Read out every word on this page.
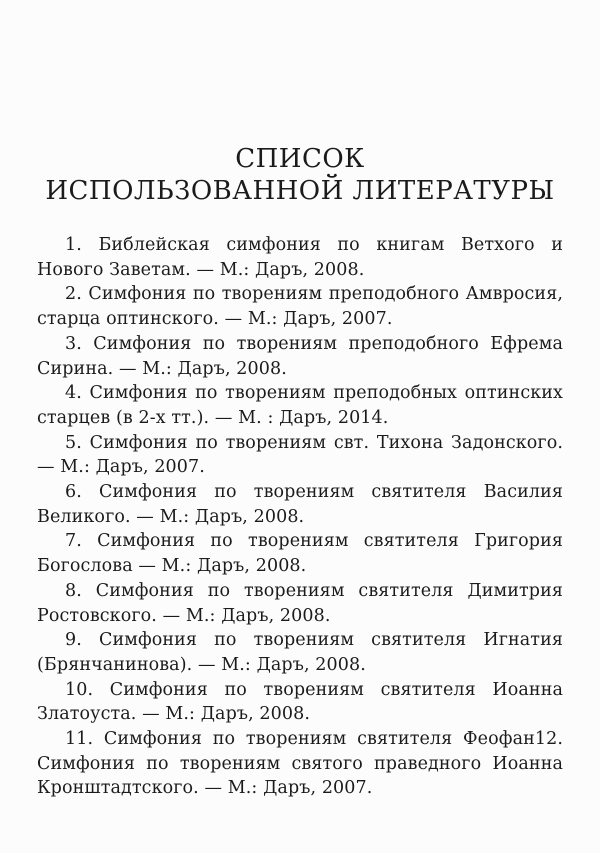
СПИСОК
ИСПОЛЬЗОВАННОЙ ЛИТЕРАТУРЫ

1. Библейская симфония по книгам Ветхого и Нового Заветам. — М.: Даръ, 2008.

2. Симфония по творениям преподобного Амвросия, старца оптинского. — М.: Даръ, 2007.

3. Симфония по творениям преподобного Ефрема Сирина. — М.: Даръ, 2008.

4. Симфония по творениям преподобных оптинских старцев (в 2-х тт.). — М. : Даръ, 2014.

5. Симфония по творениям свт. Тихона Задонского. — М.: Даръ, 2007.

6. Симфония по творениям святителя Василия Великого. — М.: Даръ, 2008.

7. Симфония по творениям святителя Григория Богослова — М.: Даръ, 2008.

8. Симфония по творениям святителя Димитрия Ростовского. — М.: Даръ, 2008.

9. Симфония по творениям святителя Игнатия (Брянчанинова). — М.: Даръ, 2008.

10. Симфония по творениям святителя Иоанна Златоуста. — М.: Даръ, 2008.

11. Симфония по творениям святителя Феофан12. Симфония по творениям святого праведного Иоанна Кронштадтского. — М.: Даръ, 2007.
